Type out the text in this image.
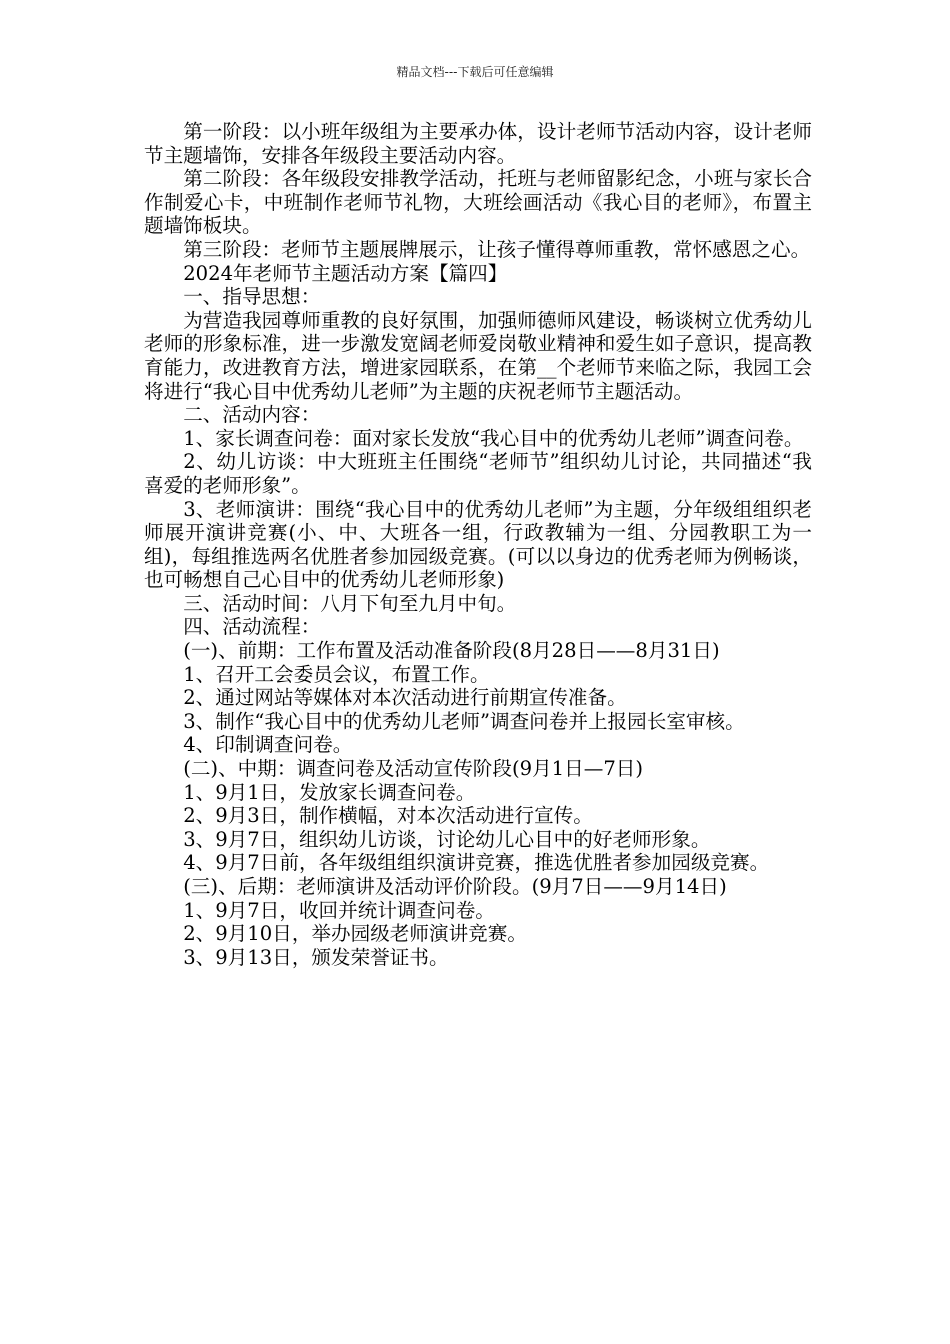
精品文档---下载后可任意编辑

第一阶段：以小班年级组为主要承办体，设计老师节活动内容，设计老师节主题墙饰，安排各年级段主要活动内容。

第二阶段：各年级段安排教学活动，托班与老师留影纪念，小班与家长合作制爱心卡，中班制作老师节礼物，大班绘画活动《我心目的老师》，布置主题墙饰板块。

第三阶段：老师节主题展牌展示，让孩子懂得尊师重教，常怀感恩之心。

2024年老师节主题活动方案【篇四】

一、指导思想：

为营造我园尊师重教的良好氛围，加强师德师风建设，畅谈树立优秀幼儿老师的形象标准，进一步激发宽阔老师爱岗敬业精神和爱生如子意识，提高教育能力，改进教育方法，增进家园联系，在第__个老师节来临之际，我园工会将进行“我心目中优秀幼儿老师”为主题的庆祝老师节主题活动。

二、活动内容：

1、家长调查问卷：面对家长发放“我心目中的优秀幼儿老师”调查问卷。

2、幼儿访谈：中大班班主任围绕“老师节”组织幼儿讨论，共同描述“我喜爱的老师形象”。

3、老师演讲：围绕“我心目中的优秀幼儿老师”为主题，分年级组组织老师展开演讲竞赛(小、中、大班各一组，行政教辅为一组、分园教职工为一组)，每组推选两名优胜者参加园级竞赛。(可以以身边的优秀老师为例畅谈，也可畅想自己心目中的优秀幼儿老师形象)

三、活动时间：八月下旬至九月中旬。

四、活动流程：

(一)、前期：工作布置及活动准备阶段(8月28日——8月31日)

1、召开工会委员会议，布置工作。

2、通过网站等媒体对本次活动进行前期宣传准备。

3、制作“我心目中的优秀幼儿老师”调查问卷并上报园长室审核。

4、印制调查问卷。

(二)、中期：调查问卷及活动宣传阶段(9月1日—7日)

1、9月1日，发放家长调查问卷。

2、9月3日，制作横幅，对本次活动进行宣传。

3、9月7日，组织幼儿访谈，讨论幼儿心目中的好老师形象。

4、9月7日前，各年级组组织演讲竞赛，推选优胜者参加园级竞赛。

(三)、后期：老师演讲及活动评价阶段。(9月7日——9月14日)

1、9月7日，收回并统计调查问卷。

2、9月10日，举办园级老师演讲竞赛。

3、9月13日，颁发荣誉证书。
